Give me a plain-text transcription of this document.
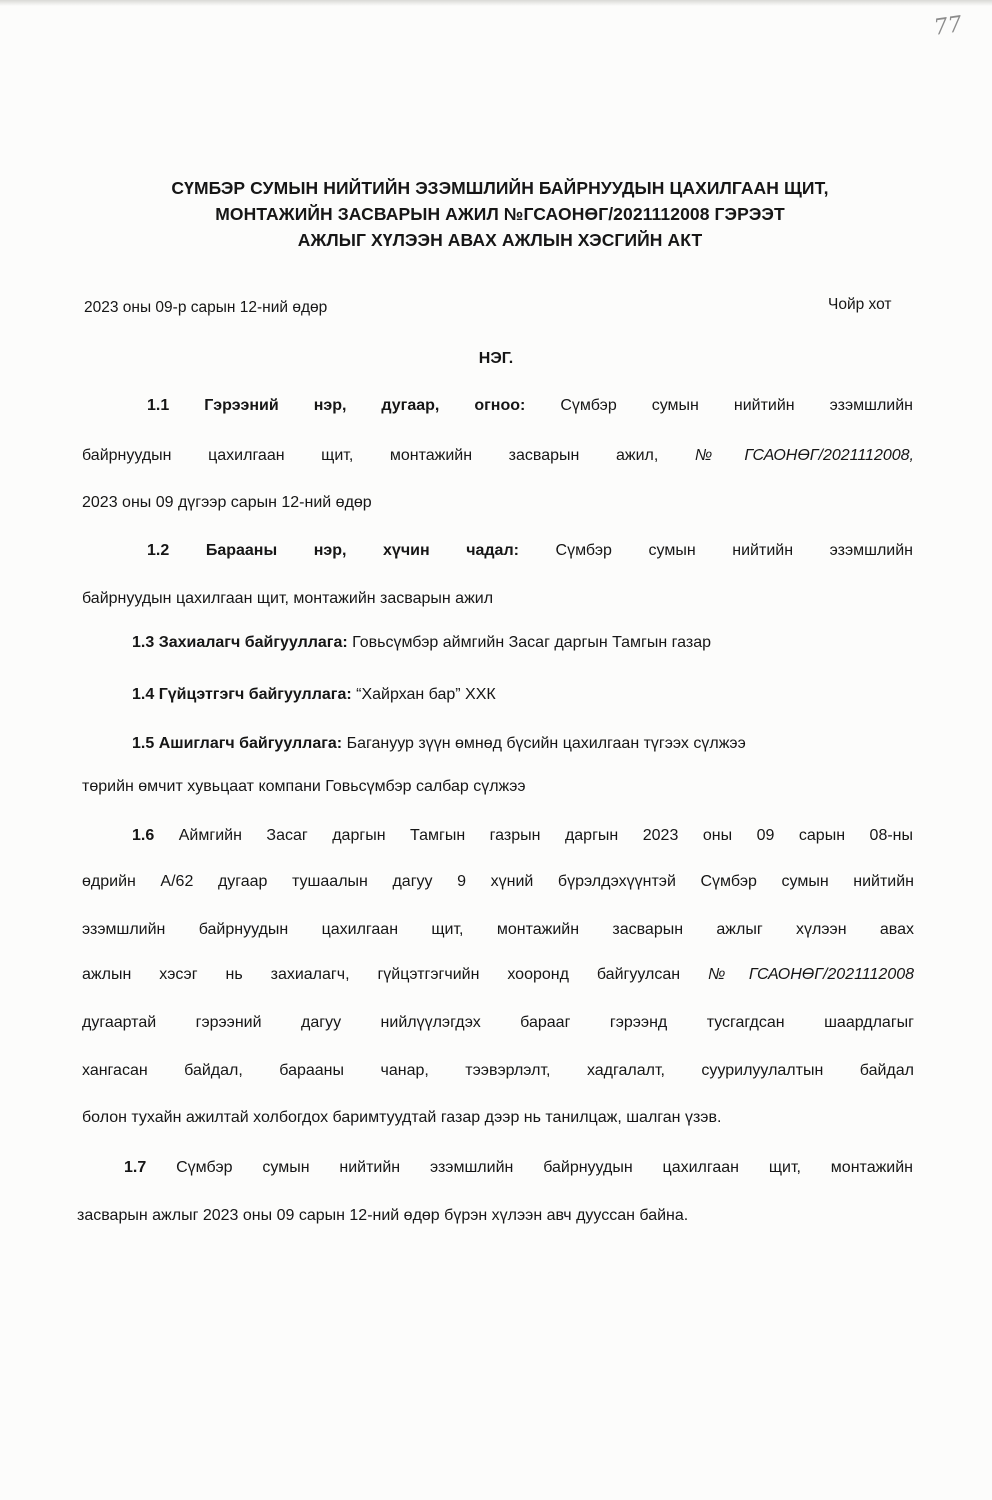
77
СҮМБЭР СУМЫН НИЙТИЙН ЭЗЭМШЛИЙН БАЙРНУУДЫН ЦАХИЛГААН ЩИТ,
МОНТАЖИЙН ЗАСВАРЫН АЖИЛ №ГСАОНӨГ/2021112008 ГЭРЭЭТ
АЖЛЫГ ХҮЛЭЭН АВАХ АЖЛЫН ХЭСГИЙН АКТ
2023 оны 09-р сарын 12-ний өдөр	Чойр хот
НЭГ.
1.1 Гэрээний нэр, дугаар, огноо: Сүмбэр сумын нийтийн эзэмшлийн
байрнуудын цахилгаан щит, монтажийн засварын ажил, №ГСАОНӨГ/2021112008,
2023 оны 09 дүгээр сарын 12-ний өдөр
1.2 Барааны нэр, хүчин чадал: Сүмбэр сумын нийтийн эзэмшлийн
байрнуудын цахилгаан щит, монтажийн засварын ажил
1.3 Захиалагч байгууллага: Говьсүмбэр аймгийн Засаг даргын Тамгын газар
1.4 Гүйцэтгэгч байгууллага: “Хайрхан бар” ХХК
1.5 Ашиглагч байгууллага: Багануур зүүн өмнөд бүсийн цахилгаан түгээх сүлжээ
төрийн өмчит хувьцаат компани Говьсүмбэр салбар сүлжээ
1.6 Аймгийн Засаг даргын Тамгын газрын даргын 2023 оны 09 сарын 08-ны
өдрийн А/62 дугаар тушаалын дагуу 9 хүний бүрэлдэхүүнтэй Сүмбэр сумын нийтийн
эзэмшлийн байрнуудын цахилгаан щит, монтажийн засварын ажлыг хүлээн авах
ажлын хэсэг нь захиалагч, гүйцэтгэгчийн хооронд байгуулсан №ГСАОНӨГ/2021112008
дугаартай гэрээний дагуу нийлүүлэгдэх барааг гэрээнд тусгагдсан шаардлагыг
хангасан байдал, барааны чанар, тээвэрлэлт, хадгалалт, суурилуулалтын байдал
болон тухайн ажилтай холбогдох баримтуудтай газар дээр нь танилцаж, шалган үзэв.
1.7 Сүмбэр сумын нийтийн эзэмшлийн байрнуудын цахилгаан щит, монтажийн
засварын ажлыг 2023 оны 09 сарын 12-ний өдөр бүрэн хүлээн авч дууссан байна.
